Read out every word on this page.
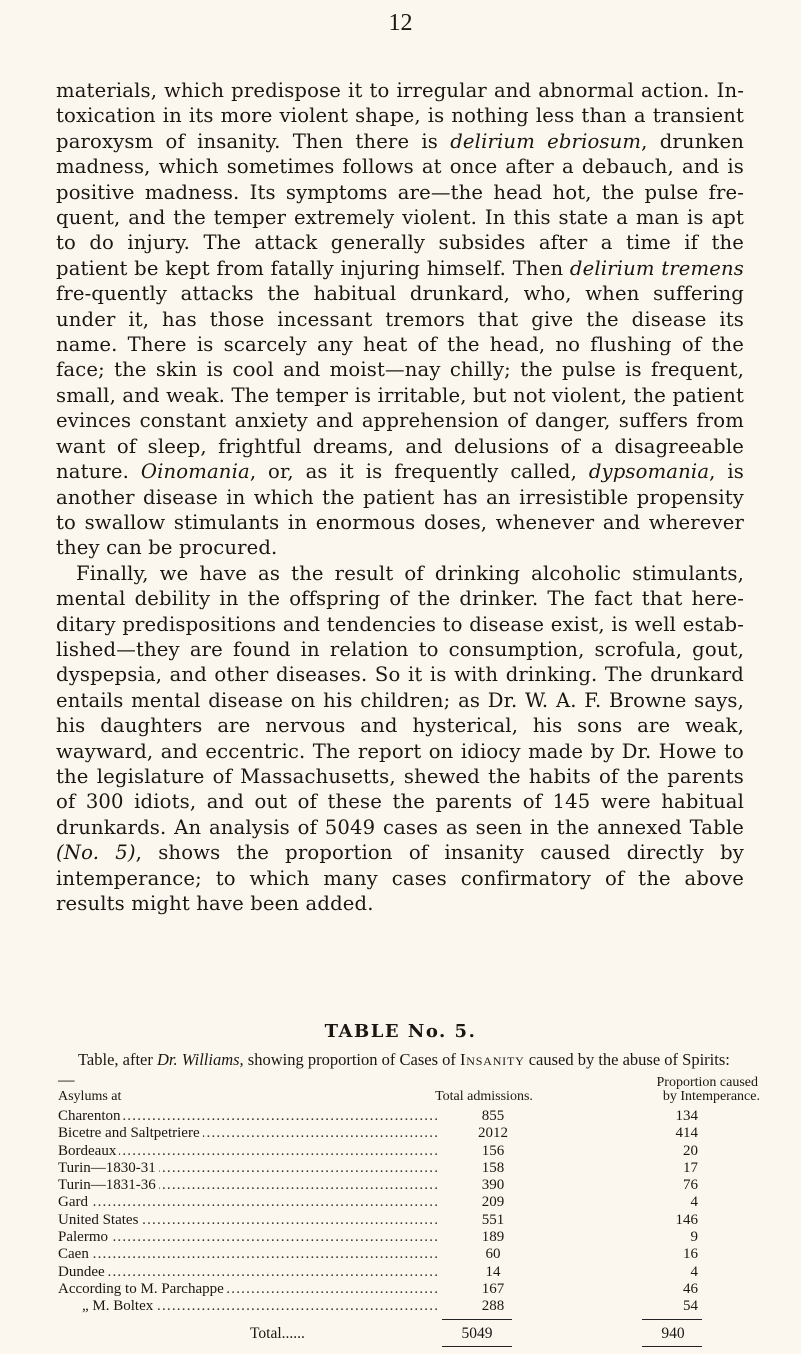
12

materials, which predispose it to irregular and abnormal action. In-toxication in its more violent shape, is nothing less than a transient paroxysm of insanity. Then there is delirium ebriosum, drunken madness, which sometimes follows at once after a debauch, and is positive madness. Its symptoms are—the head hot, the pulse fre-quent, and the temper extremely violent. In this state a man is apt to do injury. The attack generally subsides after a time if the patient be kept from fatally injuring himself. Then delirium tremens fre-quently attacks the habitual drunkard, who, when suffering under it, has those incessant tremors that give the disease its name. There is scarcely any heat of the head, no flushing of the face; the skin is cool and moist—nay chilly; the pulse is frequent, small, and weak. The temper is irritable, but not violent, the patient evinces constant anxiety and apprehension of danger, suffers from want of sleep, frightful dreams, and delusions of a disagreeable nature. Oinomania, or, as it is frequently called, dypsomania, is another disease in which the patient has an irresistible propensity to swallow stimulants in enormous doses, whenever and wherever they can be procured.

Finally, we have as the result of drinking alcoholic stimulants, mental debility in the offspring of the drinker. The fact that here-ditary predispositions and tendencies to disease exist, is well estab-lished—they are found in relation to consumption, scrofula, gout, dyspepsia, and other diseases. So it is with drinking. The drunkard entails mental disease on his children; as Dr. W. A. F. Browne says, his daughters are nervous and hysterical, his sons are weak, wayward, and eccentric. The report on idiocy made by Dr. Howe to the legislature of Massachusetts, shewed the habits of the parents of 300 idiots, and out of these the parents of 145 were habitual drunkards. An analysis of 5049 cases as seen in the annexed Table (No. 5), shows the proportion of insanity caused directly by intemperance; to which many cases confirmatory of the above results might have been added.

TABLE No. 5.
Table, after Dr. Williams, showing proportion of Cases of Insanity caused by the abuse of Spirits:—	Proportion caused
Asylums at	Total admissions.	by Intemperance.
Charenton .....	855	134
Bicetre and Saltpetriere .....	2012	414
Bordeaux .....	156	20
Turin—1830-31 .....	158	17
Turin—1831-36 .....	390	76
Gard .....	209	4
United States .....	551	146
Palermo .....	189	9
Caen .....	60	16
Dundee .....	14	4
According to M. Parchappe .....	167	46
„ M. Boltex .....	288	54
Total......	5049	940
